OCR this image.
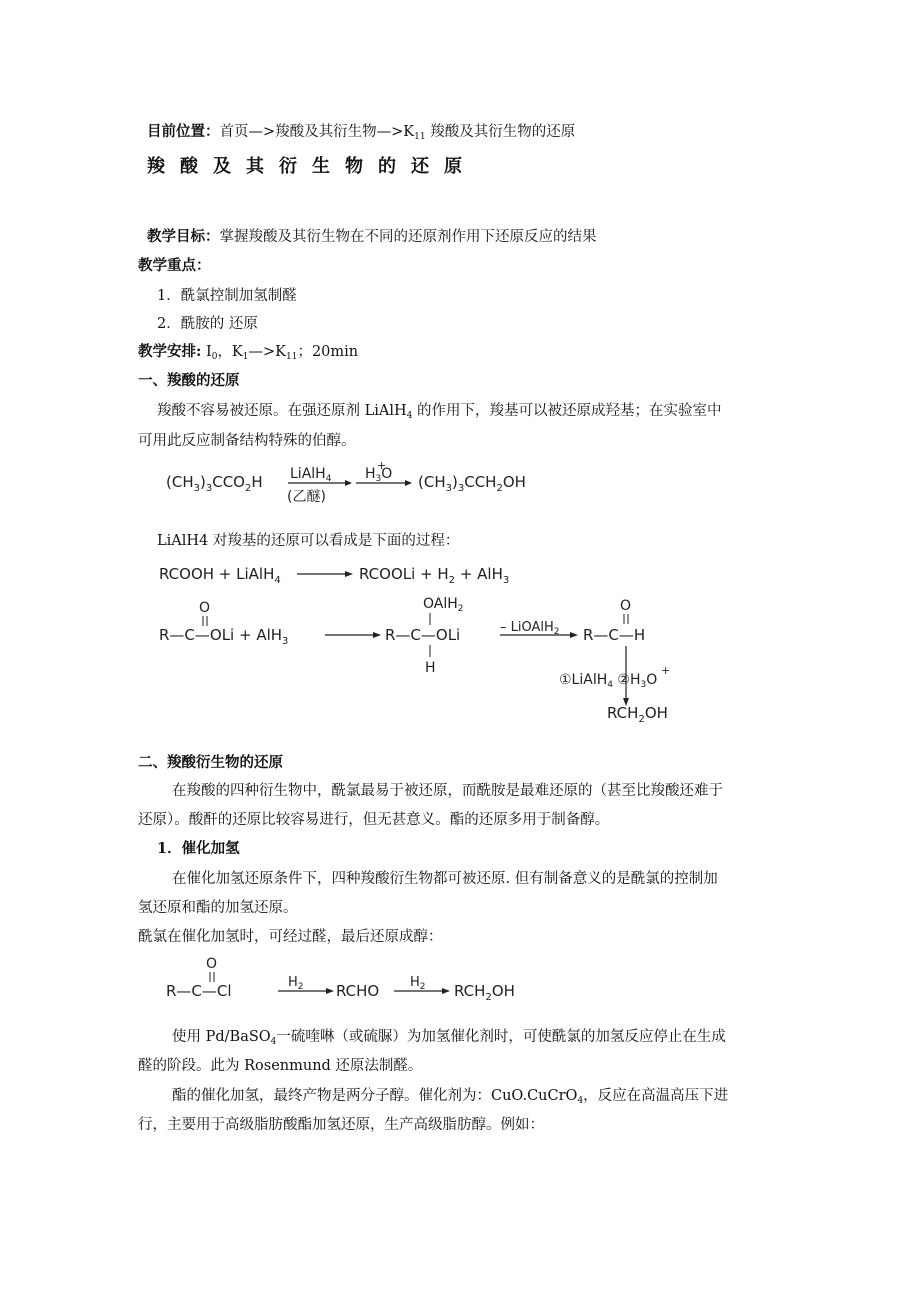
目前位置：首页—>羧酸及其衍生物$—>K_{11}$ 羧酸及其衍生物的还原
羧酸及其衍生物的还原
教学目标：掌握羧酸及其衍生物在不同的还原剂作用下还原反应的结果
教学重点：
1．酰氯控制加氢制醛
2．酰胺的 还原
教学安排: $I_0$，$K_1—>K_{11}$；20min
一、羧酸的还原
羧酸不容易被还原。在强还原剂 LiAlH$_4$ 的作用下，羧基可以被还原成羟基；在实验室中
可用此反应制备结构特殊的伯醇。
$(CH_3)_3CCO_2H$ LiAlH$_4$
(乙醚)
$H_3O$
+
$(CH_3)_3CCH_2OH$
LiAlH4 对羧基的还原可以看成是下面的过程：
RCOOH + LiAlH$_4$	RCOOLi + $H_2 + AlH_3$
O
R—C—OLi + AlH$_3$
OAlH$_2$
R—C—OLi
H
– LiOAlH$_2$
O
R—C—H
①LiAlH$_4$ $②H_3O$
+
$RCH_2OH$
二、羧酸衍生物的还原
在羧酸的四种衍生物中，酰氯最易于被还原，而酰胺是最难还原的（甚至比羧酸还难于
还原）。酸酐的还原比较容易进行，但无甚意义。酯的还原多用于制备醇。
1．催化加氢
在催化加氢还原条件下，四种羧酸衍生物都可被还原. 但有制备意义的是酰氯的控制加
氢还原和酯的加氢还原。
酰氯在催化加氢时，可经过醛，最后还原成醇：
O
R—C—Cl	$H_2$ RCHO $H_2$ $RCH_2OH$
使用 Pd/BaSO$_4$一硫喹啉（或硫脲）为加氢催化剂时，可使酰氯的加氢反应停止在生成
醛的阶段。此为 Rosenmund 还原法制醛。
酯的催化加氢，最终产物是两分子醇。催化剂为：CuO.CuCrO$_4$，反应在高温高压下进
行，主要用于高级脂肪酸酯加氢还原，生产高级脂肪醇。例如：
